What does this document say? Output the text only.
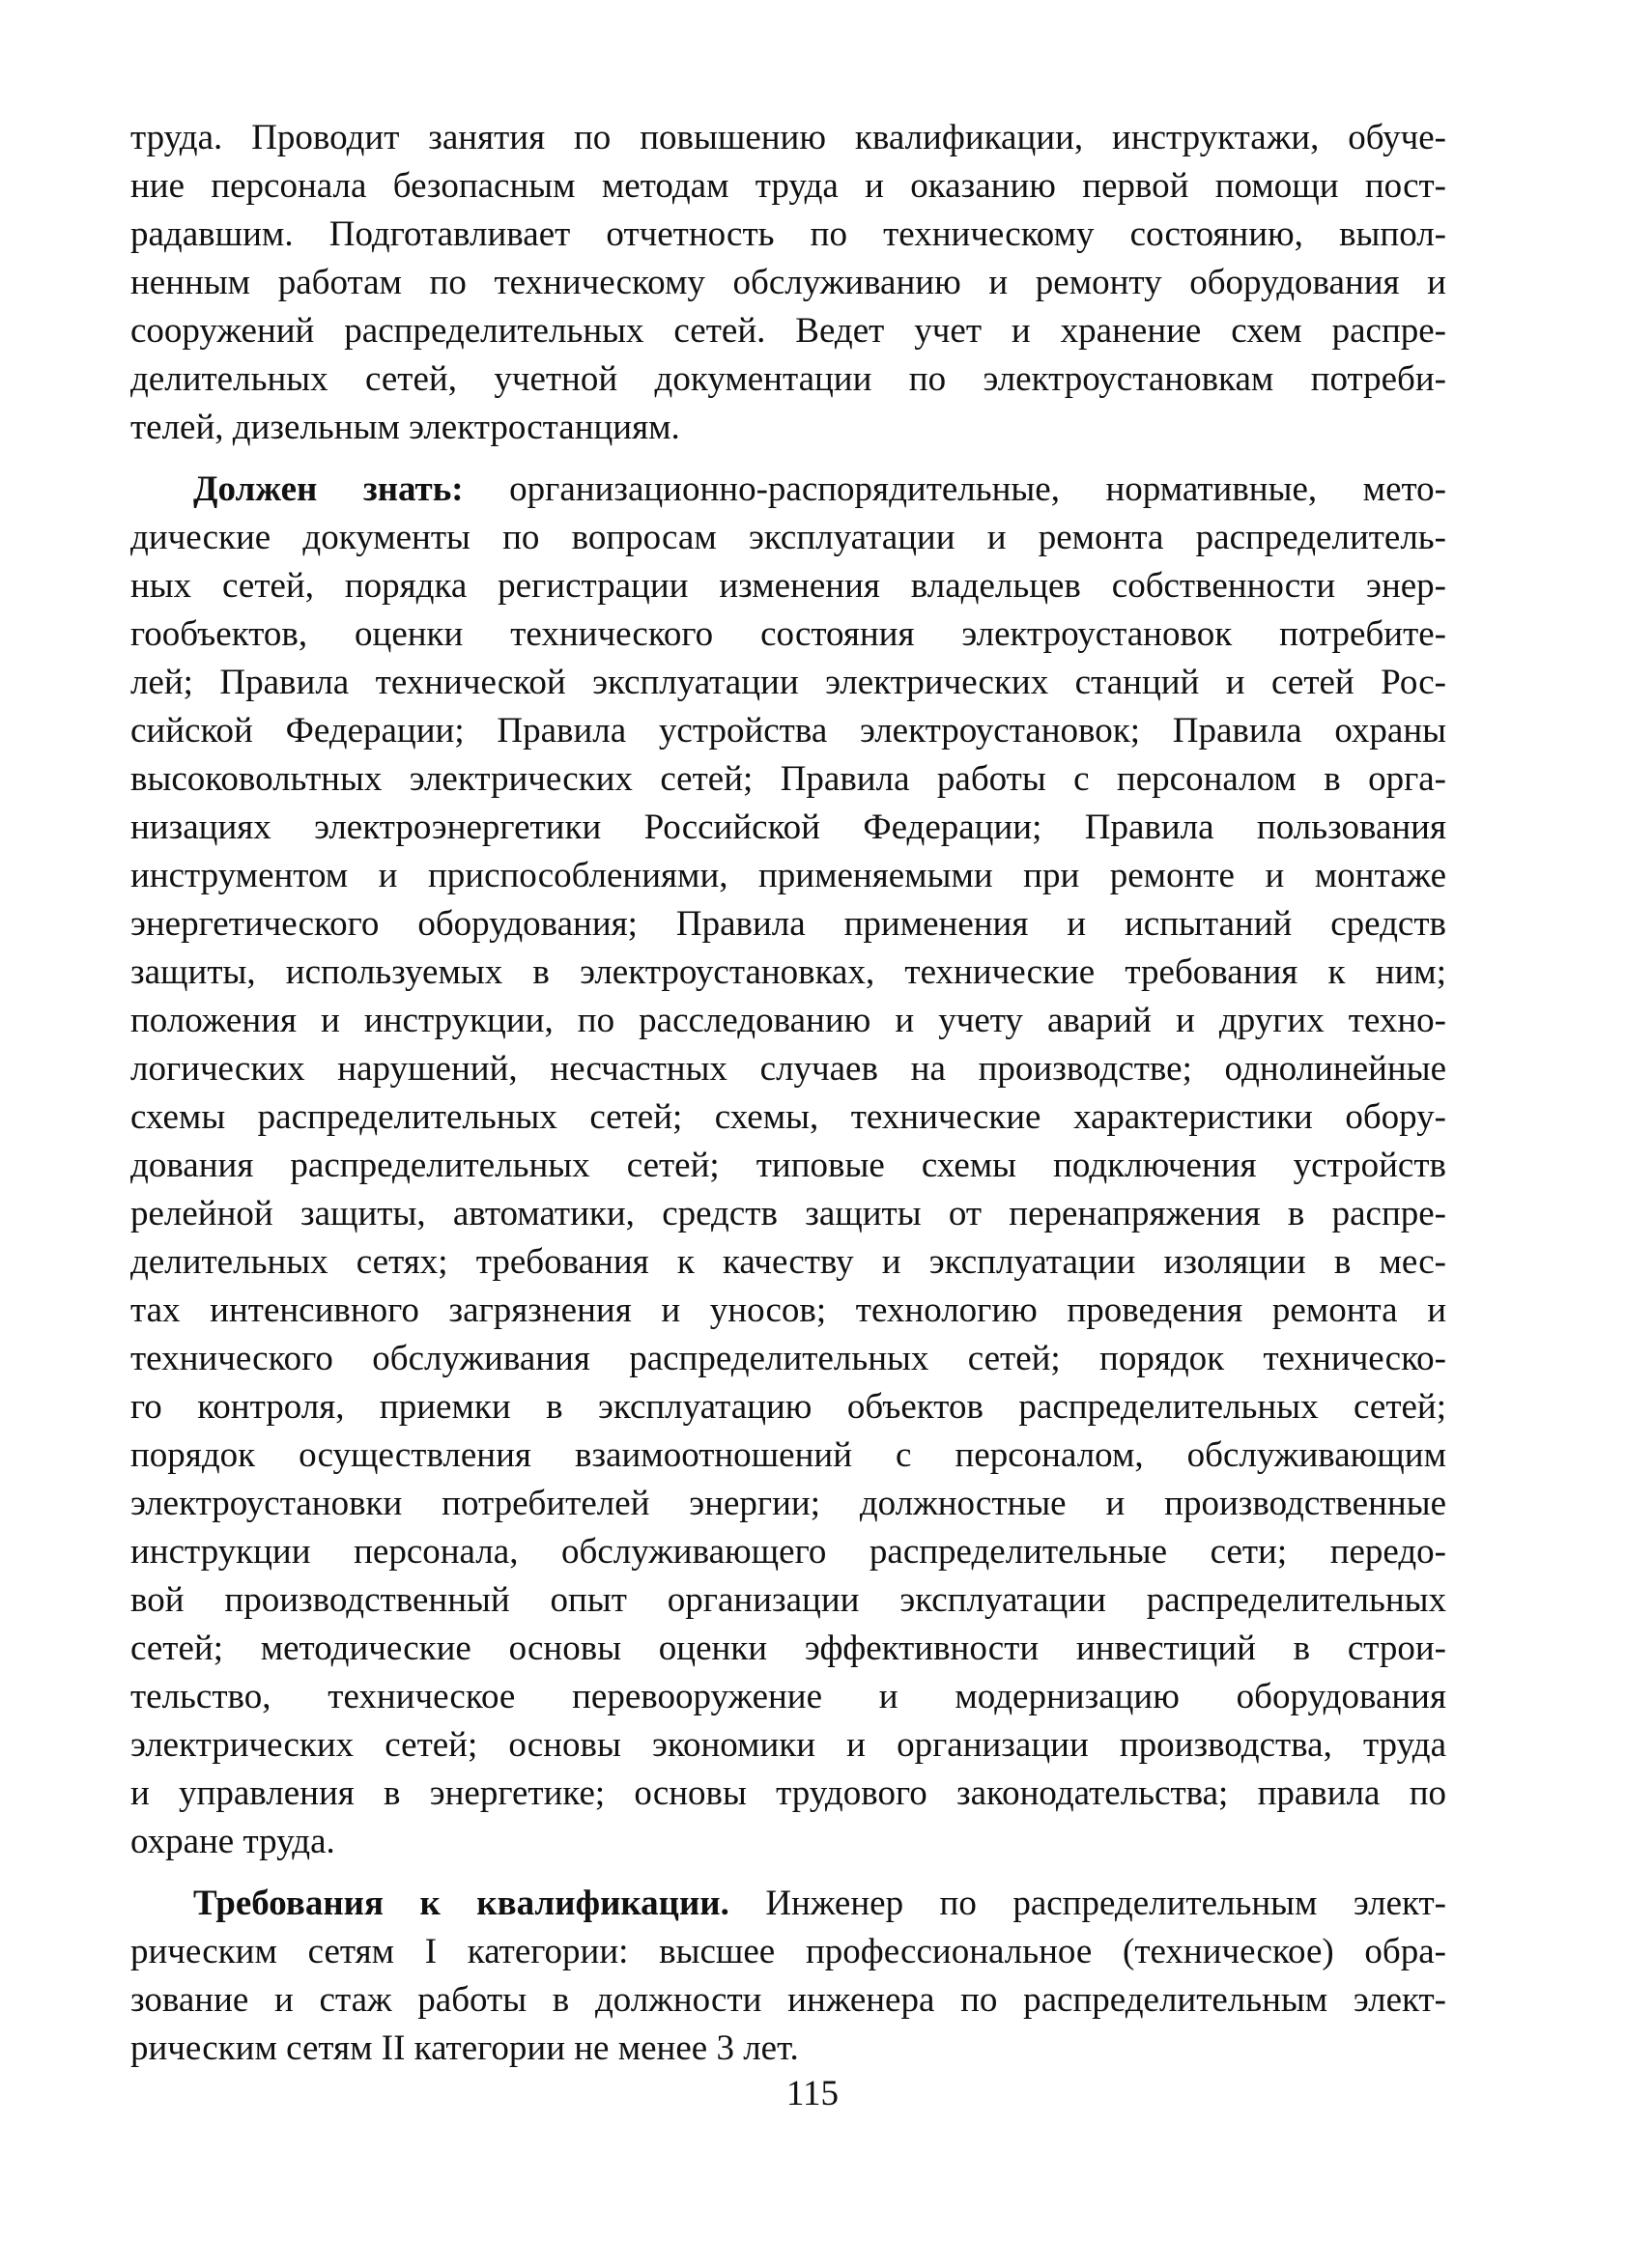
труда. Проводит занятия по повышению квалификации, инструктажи, обуче-
ние персонала безопасным методам труда и оказанию первой помощи пост-
радавшим. Подготавливает отчетность по техническому состоянию, выпол-
ненным работам по техническому обслуживанию и ремонту оборудования и
сооружений распределительных сетей. Ведет учет и хранение схем распре-
делительных сетей, учетной документации по электроустановкам потреби-
телей, дизельным электростанциям.
Должен знать: организационно-распорядительные, нормативные, мето-
дические документы по вопросам эксплуатации и ремонта распределитель-
ных сетей, порядка регистрации изменения владельцев собственности энер-
гообъектов, оценки технического состояния электроустановок потребите-
лей; Правила технической эксплуатации электрических станций и сетей Рос-
сийской Федерации; Правила устройства электроустановок; Правила охраны
высоковольтных электрических сетей; Правила работы с персоналом в орга-
низациях электроэнергетики Российской Федерации; Правила пользования
инструментом и приспособлениями, применяемыми при ремонте и монтаже
энергетического оборудования; Правила применения и испытаний средств
защиты, используемых в электроустановках, технические требования к ним;
положения и инструкции, по расследованию и учету аварий и других техно-
логических нарушений, несчастных случаев на производстве; однолинейные
схемы распределительных сетей; схемы, технические характеристики обору-
дования распределительных сетей; типовые схемы подключения устройств
релейной защиты, автоматики, средств защиты от перенапряжения в распре-
делительных сетях; требования к качеству и эксплуатации изоляции в мес-
тах интенсивного загрязнения и уносов; технологию проведения ремонта и
технического обслуживания распределительных сетей; порядок техническо-
го контроля, приемки в эксплуатацию объектов распределительных сетей;
порядок осуществления взаимоотношений с персоналом, обслуживающим
электроустановки потребителей энергии; должностные и производственные
инструкции персонала, обслуживающего распределительные сети; передо-
вой производственный опыт организации эксплуатации распределительных
сетей; методические основы оценки эффективности инвестиций в строи-
тельство, техническое перевооружение и модернизацию оборудования
электрических сетей; основы экономики и организации производства, труда
и управления в энергетике; основы трудового законодательства; правила по
охране труда.
Требования к квалификации. Инженер по распределительным элект-
рическим сетям I категории: высшее профессиональное (техническое) обра-
зование и стаж работы в должности инженера по распределительным элект-
рическим сетям II категории не менее 3 лет.
115
